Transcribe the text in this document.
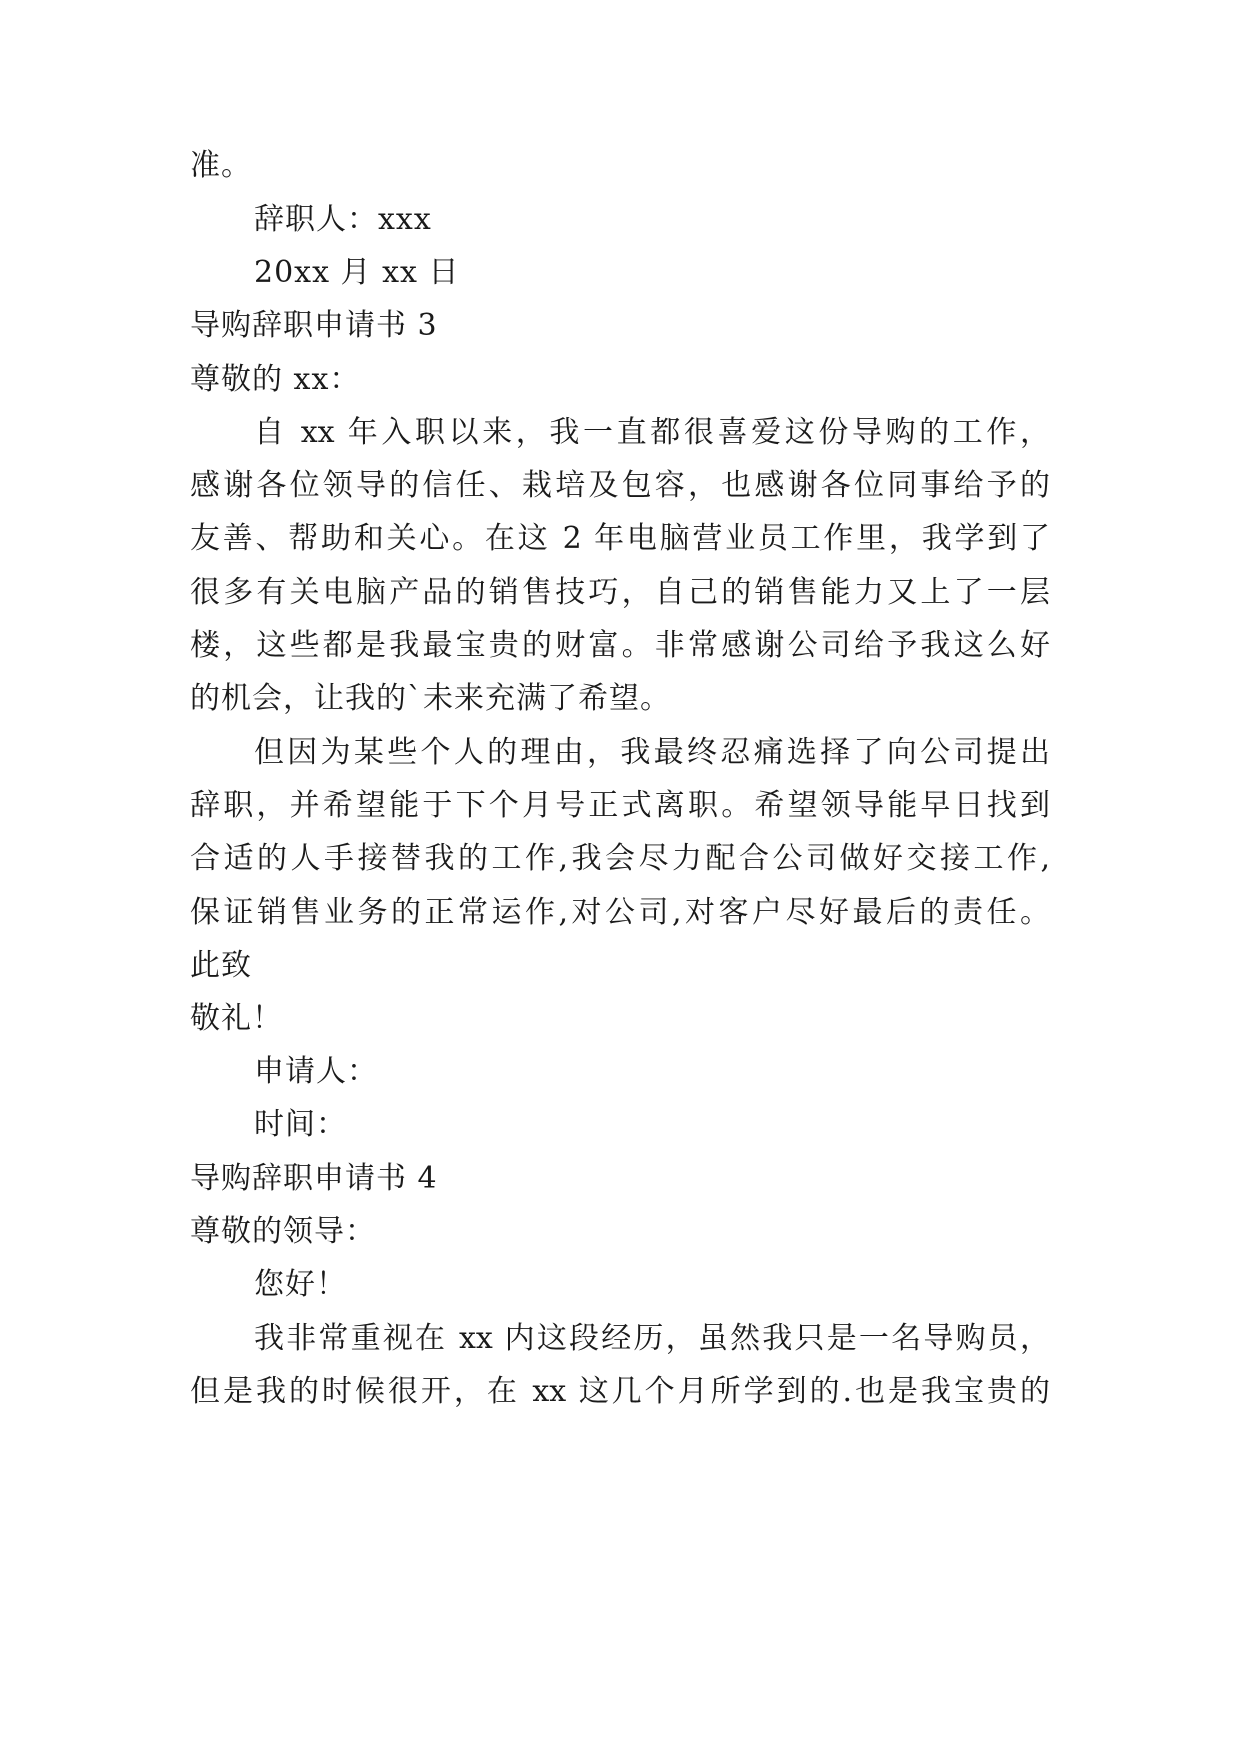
准。
辞职人：xxx
20xx 月 xx 日
导购辞职申请书 3
尊敬的 xx：
自 xx 年入职以来，我一直都很喜爱这份导购的工作，
感谢各位领导的信任、栽培及包容，也感谢各位同事给予的
友善、帮助和关心。在这 2 年电脑营业员工作里，我学到了
很多有关电脑产品的销售技巧，自己的销售能力又上了一层
楼，这些都是我最宝贵的财富。非常感谢公司给予我这么好
的机会，让我的`未来充满了希望。
但因为某些个人的理由，我最终忍痛选择了向公司提出
辞职，并希望能于下个月号正式离职。希望领导能早日找到
合适的人手接替我的工作,我会尽力配合公司做好交接工作,
保证销售业务的正常运作,对公司,对客户尽好最后的责任。
此致
敬礼！
申请人：
时间：
导购辞职申请书 4
尊敬的领导：
您好！
我非常重视在 xx 内这段经历，虽然我只是一名导购员，
但是我的时候很开，在 xx 这几个月所学到的.也是我宝贵的
